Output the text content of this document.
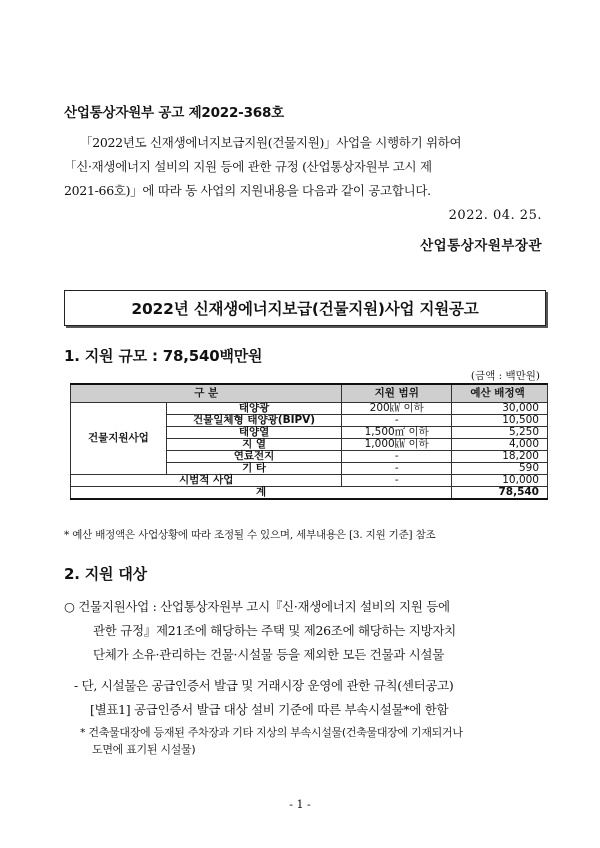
산업통상자원부 공고 제2022-368호
「2022년도 신재생에너지보급지원(건물지원)」사업을 시행하기 위하여
「신·재생에너지 설비의 지원 등에 관한 규정 (산업통상자원부 고시 제
2021-66호)」에 따라 동 사업의 지원내용을 다음과 같이 공고합니다.
2022. 04. 25.
산업통상자원부장관
2022년 신재생에너지보급(건물지원)사업 지원공고
1. 지원 규모 : 78,540백만원
(금액 : 백만원)
구 분		지원 범위	예산 배정액
건물지원사업	태양광	200㎾ 이하	30,000
	건물일체형 태양광(BIPV)	-	10,500
	태양열	1,500㎡ 이하	5,250
	지 열	1,000㎾ 이하	4,000
	연료전지	-	18,200
	기 타	-	590
시범적 사업		-	10,000
계			78,540
* 예산 배정액은 사업상황에 따라 조정될 수 있으며, 세부내용은 [3. 지원 기준] 참조
2. 지원 대상
○ 건물지원사업 : 산업통상자원부 고시『신·재생에너지 설비의 지원 등에
관한 규정』제21조에 해당하는 주택 및 제26조에 해당하는 지방자치
단체가 소유·관리하는 건물·시설물 등을 제외한 모든 건물과 시설물
- 단, 시설물은 공급인증서 발급 및 거래시장 운영에 관한 규칙(센터공고)
[별표1] 공급인증서 발급 대상 설비 기준에 따른 부속시설물*에 한함
* 건축물대장에 등재된 주차장과 기타 지상의 부속시설물(건축물대장에 기재되거나
도면에 표기된 시설물)
- 1 -
